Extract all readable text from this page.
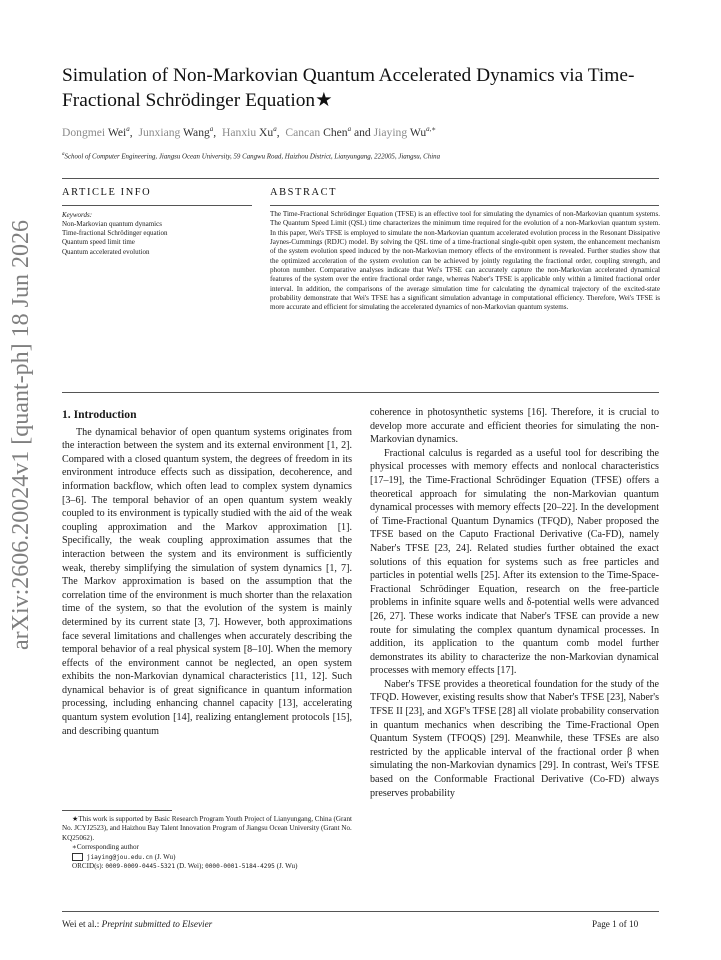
arXiv:2606.20024v1 [quant-ph] 18 Jun 2026
Simulation of Non-Markovian Quantum Accelerated Dynamics via Time-Fractional Schrödinger Equation★
Dongmei Wei$^a$,  Junxiang Wang$^a$,  Hanxiu Xu$^a$,  Cancan Chen$^a$ and Jiaying $Wu^{a,∗}$
$^a$School of Computer Engineering, Jiangsu Ocean University, 59 Cangwu Road, Haizhou District, Lianyungang, 222005, Jiangsu, China
ARTICLE INFO
Keywords:
Non-Markovian quantum dynamics
Time-fractional Schrödinger equation
Quantum speed limit time
Quantum accelerated evolution
ABSTRACT
The Time-Fractional Schrödinger Equation (TFSE) is an effective tool for simulating the dynamics of non-Markovian quantum systems. The Quantum Speed Limit (QSL) time characterizes the minimum time required for the evolution of a non-Markovian quantum system. In this paper, Wei's TFSE is employed to simulate the non-Markovian quantum accelerated evolution process in the Resonant Dissipative Jaynes-Cummings (RDJC) model. By solving the QSL time of a time-fractional single-qubit open system, the enhancement mechanism of the system evolution speed induced by the non-Markovian memory effects of the environment is revealed. Further studies show that the optimized acceleration of the system evolution can be achieved by jointly regulating the fractional order, coupling strength, and photon number. Comparative analyses indicate that Wei's TFSE can accurately capture the non-Markovian accelerated dynamical features of the system over the entire fractional order range, whereas Naber's TFSE is applicable only within a limited fractional order interval. In addition, the comparisons of the average simulation time for calculating the dynamical trajectory of the excited-state probability demonstrate that Wei's TFSE has a significant simulation advantage in computational efficiency. Therefore, Wei's TFSE is more accurate and efficient for simulating the accelerated dynamics of non-Markovian quantum systems.
1. Introduction

The dynamical behavior of open quantum systems originates from the interaction between the system and its external environment [1, 2]. Compared with a closed quantum system, the degrees of freedom in its environment introduce effects such as dissipation, decoherence, and information backflow, which often lead to complex system dynamics [3–6]. The temporal behavior of an open quantum system weakly coupled to its environment is typically studied with the aid of the weak coupling approximation and the Markov approximation [1]. Specifically, the weak coupling approximation assumes that the interaction between the system and its environment is sufficiently weak, thereby simplifying the simulation of system dynamics [1, 7]. The Markov approximation is based on the assumption that the correlation time of the environment is much shorter than the relaxation time of the system, so that the evolution of the system is mainly determined by its current state [3, 7]. However, both approximations face several limitations and challenges when accurately describing the temporal behavior of a real physical system [8–10]. When the memory effects of the environment cannot be neglected, an open system exhibits the non-Markovian dynamical characteristics [11, 12]. Such dynamical behavior is of great significance in quantum information processing, including enhancing channel capacity [13], accelerating quantum system evolution [14], realizing entanglement protocols [15], and describing quantum

coherence in photosynthetic systems [16]. Therefore, it is crucial to develop more accurate and efficient theories for simulating the non-Markovian dynamics.

Fractional calculus is regarded as a useful tool for describing the physical processes with memory effects and nonlocal characteristics [17–19], the Time-Fractional Schrödinger Equation (TFSE) offers a theoretical approach for simulating the non-Markovian quantum dynamical processes with memory effects [20–22]. In the development of Time-Fractional Quantum Dynamics (TFQD), Naber proposed the TFSE based on the Caputo Fractional Derivative (Ca-FD), namely Naber's TFSE [23, 24]. Related studies further obtained the exact solutions of this equation for systems such as free particles and particles in potential wells [25]. After its extension to the Time-Space-Fractional Schrödinger Equation, research on the free-particle problems in infinite square wells and δ-potential wells were advanced [26, 27]. These works indicate that Naber's TFSE can provide a new route for simulating the complex quantum dynamical processes. In addition, its application to the quantum comb model further demonstrates its ability to characterize the non-Markovian dynamical processes with memory effects [17].

Naber's TFSE provides a theoretical foundation for the study of the TFQD. However, existing results show that Naber's TFSE [23], Naber's TFSE II [23], and XGF's TFSE [28] all violate probability conservation in quantum mechanics when describing the Time-Fractional Open Quantum System (TFOQS) [29]. Meanwhile, these TFSEs are also restricted by the applicable interval of the fractional order β when simulating the non-Markovian dynamics [29]. In contrast, Wei's TFSE based on the Conformable Fractional Derivative (Co-FD) always preserves probability

★This work is supported by Basic Research Program Youth Project of Lianyungang, China (Grant No. JCYJ2523), and Haizhou Bay Talent Innovation Program of Jiangsu Ocean University (Grant No. KQ25062).
∗Corresponding author
jiaying@jou.edu.cn (J. Wu)
ORCID(s): 0009-0009-0445-5321 (D. Wei); 0000-0001-5184-4295 (J. Wu)
Wei et al.: Preprint submitted to Elsevier	Page 1 of 10
